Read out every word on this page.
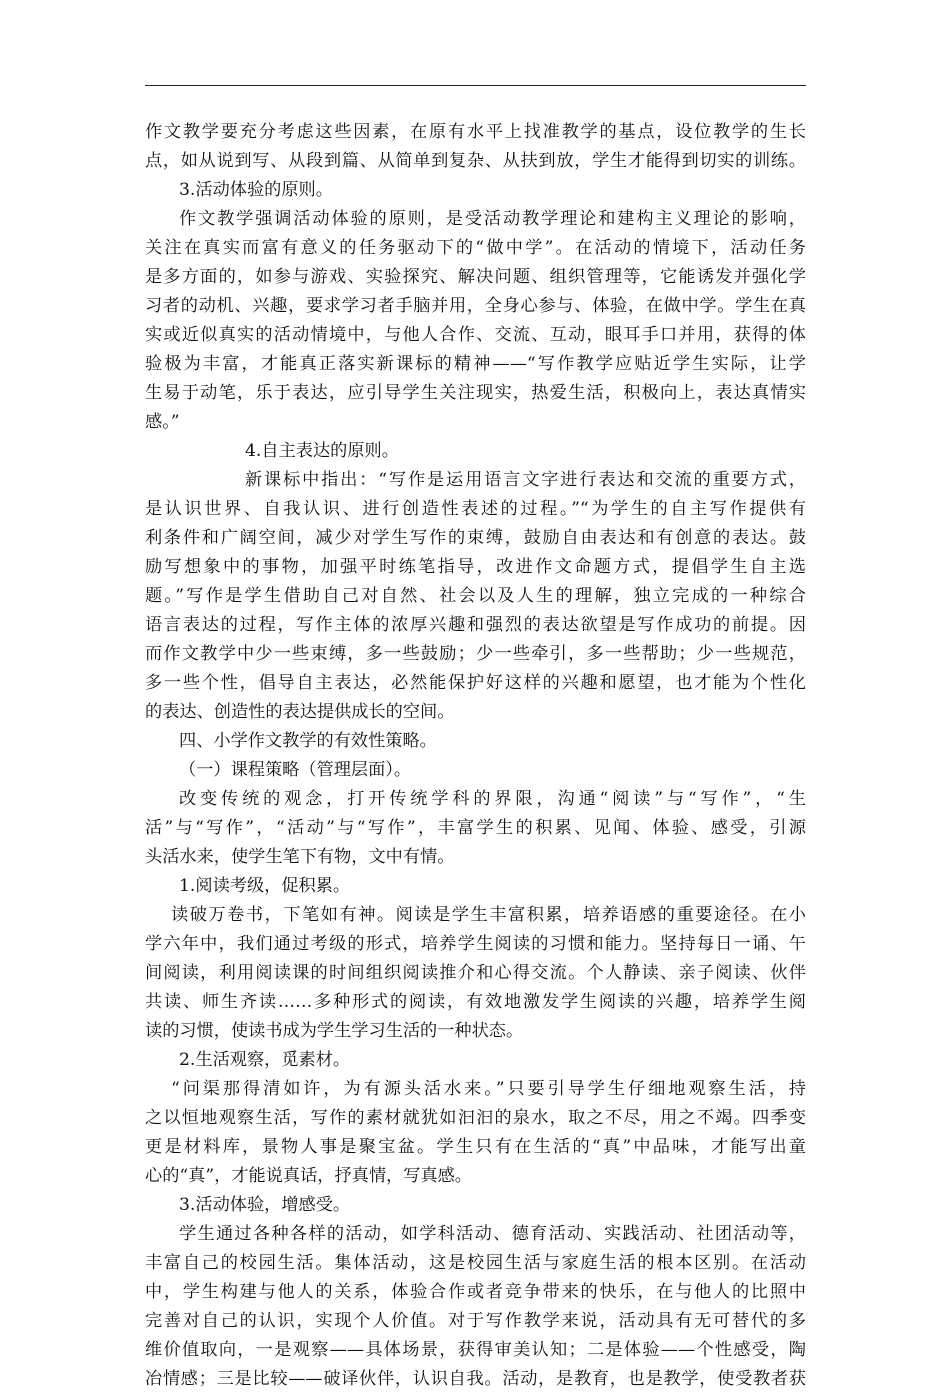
作文教学要充分考虑这些因素，在原有水平上找准教学的基点，设位教学的生长
点，如从说到写、从段到篇、从简单到复杂、从扶到放，学生才能得到切实的训练。
3.活动体验的原则。
作文教学强调活动体验的原则，是受活动教学理论和建构主义理论的影响，
关注在真实而富有意义的任务驱动下的“做中学”。在活动的情境下，活动任务
是多方面的，如参与游戏、实验探究、解决问题、组织管理等，它能诱发并强化学
习者的动机、兴趣，要求学习者手脑并用，全身心参与、体验，在做中学。学生在真
实或近似真实的活动情境中，与他人合作、交流、互动，眼耳手口并用，获得的体
验极为丰富，才能真正落实新课标的精神——“写作教学应贴近学生实际，让学
生易于动笔，乐于表达，应引导学生关注现实，热爱生活，积极向上，表达真情实
感。”
4.自主表达的原则。
新课标中指出：“写作是运用语言文字进行表达和交流的重要方式，
是认识世界、自我认识、进行创造性表述的过程。”“为学生的自主写作提供有
利条件和广阔空间，减少对学生写作的束缚，鼓励自由表达和有创意的表达。鼓
励写想象中的事物，加强平时练笔指导，改进作文命题方式，提倡学生自主选
题。”写作是学生借助自己对自然、社会以及人生的理解，独立完成的一种综合
语言表达的过程，写作主体的浓厚兴趣和强烈的表达欲望是写作成功的前提。因
而作文教学中少一些束缚，多一些鼓励；少一些牵引，多一些帮助；少一些规范，
多一些个性，倡导自主表达，必然能保护好这样的兴趣和愿望，也才能为个性化
的表达、创造性的表达提供成长的空间。
四、小学作文教学的有效性策略。
（一）课程策略（管理层面）。
改变传统的观念，打开传统学科的界限，沟通“阅读”与“写作”，“生
活”与“写作”，“活动”与“写作”，丰富学生的积累、见闻、体验、感受，引源
头活水来，使学生笔下有物，文中有情。
1.阅读考级，促积累。
读破万卷书，下笔如有神。阅读是学生丰富积累，培养语感的重要途径。在小
学六年中，我们通过考级的形式，培养学生阅读的习惯和能力。坚持每日一诵、午
间阅读，利用阅读课的时间组织阅读推介和心得交流。个人静读、亲子阅读、伙伴
共读、师生齐读……多种形式的阅读，有效地激发学生阅读的兴趣，培养学生阅
读的习惯，使读书成为学生学习生活的一种状态。
2.生活观察，觅素材。
“问渠那得清如许，为有源头活水来。”只要引导学生仔细地观察生活，持
之以恒地观察生活，写作的素材就犹如汩汩的泉水，取之不尽，用之不竭。四季变
更是材料库，景物人事是聚宝盆。学生只有在生活的“真”中品味，才能写出童
心的“真”，才能说真话，抒真情，写真感。
3.活动体验，增感受。
学生通过各种各样的活动，如学科活动、德育活动、实践活动、社团活动等，
丰富自己的校园生活。集体活动，这是校园生活与家庭生活的根本区别。在活动
中，学生构建与他人的关系，体验合作或者竞争带来的快乐，在与他人的比照中
完善对自己的认识，实现个人价值。对于写作教学来说，活动具有无可替代的多
维价值取向，一是观察——具体场景，获得审美认知；二是体验——个性感受，陶
冶情感；三是比较——破译伙伴，认识自我。活动，是教育，也是教学，使受教者获
